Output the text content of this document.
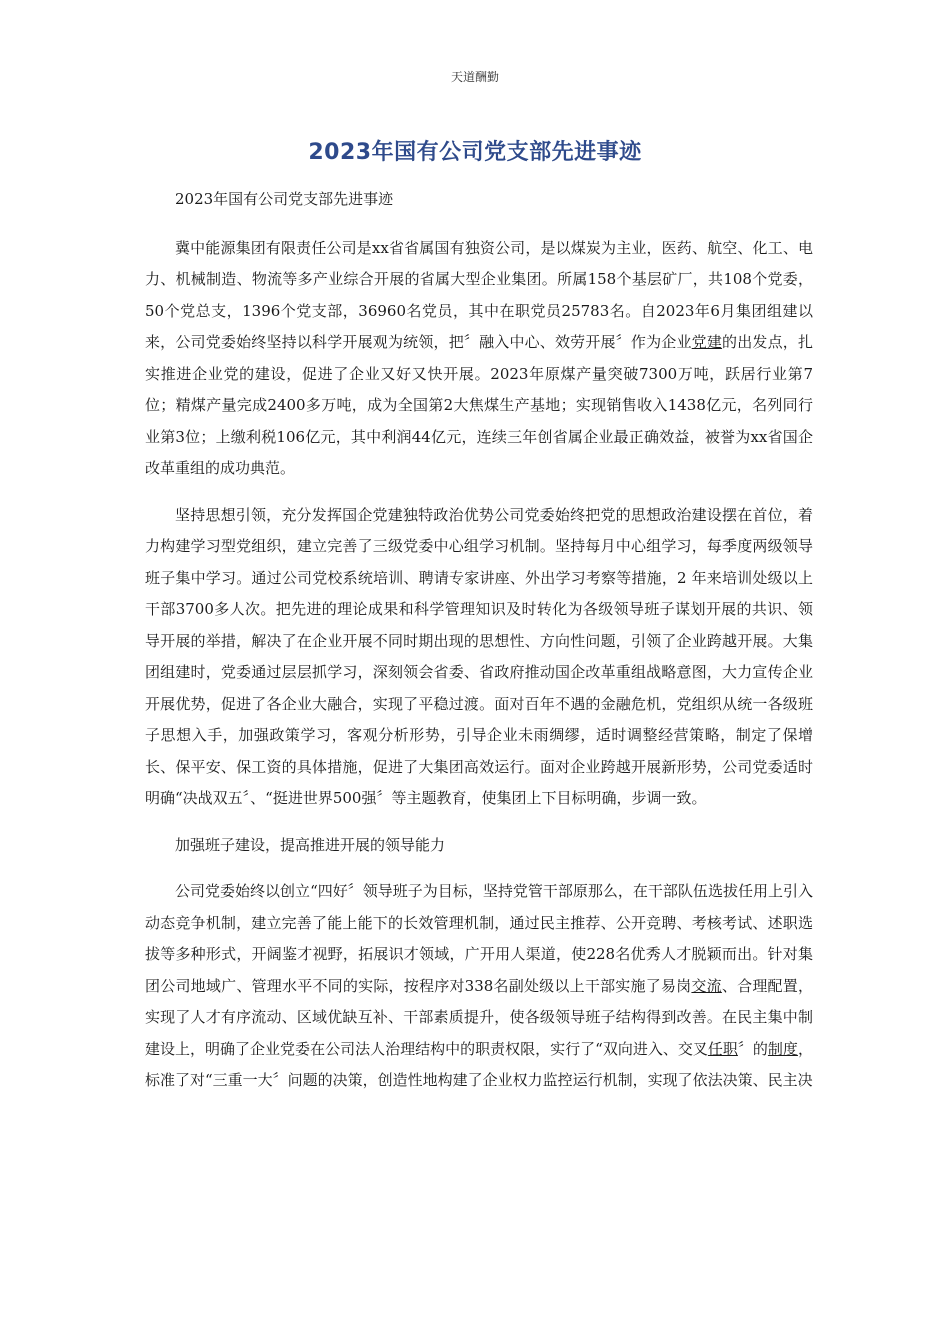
天道酬勤
2023年国有公司党支部先进事迹

2023年国有公司党支部先进事迹

冀中能源集团有限责任公司是xx省省属国有独资公司，是以煤炭为主业，医药、航空、化工、电力、机械制造、物流等多产业综合开展的省属大型企业集团。所属158个基层矿厂，共108个党委，50个党总支，1396个党支部，36960名党员，其中在职党员25783名。自2023年6月集团组建以来，公司党委始终坚持以科学开展观为统领，把〞融入中心、效劳开展〞作为企业党建的出发点，扎实推进企业党的建设，促进了企业又好又快开展。2023年原煤产量突破7300万吨，跃居行业第7位；精煤产量完成2400多万吨，成为全国第2大焦煤生产基地；实现销售收入1438亿元，名列同行业第3位；上缴利税106亿元，其中利润44亿元，连续三年创省属企业最正确效益，被誉为xx省国企改革重组的成功典范。

坚持思想引领，充分发挥国企党建独特政治优势公司党委始终把党的思想政治建设摆在首位，着力构建学习型党组织，建立完善了三级党委中心组学习机制。坚持每月中心组学习，每季度两级领导班子集中学习。通过公司党校系统培训、聘请专家讲座、外出学习考察等措施，2 年来培训处级以上干部3700多人次。把先进的理论成果和科学管理知识及时转化为各级领导班子谋划开展的共识、领导开展的举措，解决了在企业开展不同时期出现的思想性、方向性问题，引领了企业跨越开展。大集团组建时，党委通过层层抓学习，深刻领会省委、省政府推动国企改革重组战略意图，大力宣传企业开展优势，促进了各企业大融合，实现了平稳过渡。面对百年不遇的金融危机，党组织从统一各级班子思想入手，加强政策学习，客观分析形势，引导企业未雨绸缪，适时调整经营策略，制定了保增长、保平安、保工资的具体措施，促进了大集团高效运行。面对企业跨越开展新形势，公司党委适时明确“决战双五〞、“挺进世界500强〞等主题教育，使集团上下目标明确，步调一致。

加强班子建设，提高推进开展的领导能力

公司党委始终以创立“四好〞领导班子为目标，坚持党管干部原那么，在干部队伍选拔任用上引入动态竞争机制，建立完善了能上能下的长效管理机制，通过民主推荐、公开竞聘、考核考试、述职选拔等多种形式，开阔鉴才视野，拓展识才领域，广开用人渠道，使228名优秀人才脱颖而出。针对集团公司地域广、管理水平不同的实际，按程序对338名副处级以上干部实施了易岗交流、合理配置，实现了人才有序流动、区域优缺互补、干部素质提升，使各级领导班子结构得到改善。在民主集中制建设上，明确了企业党委在公司法人治理结构中的职责权限，实行了“双向进入、交叉任职〞的制度，标准了对“三重一大〞问题的决策，创造性地构建了企业权力监控运行机制，实现了依法决策、民主决
